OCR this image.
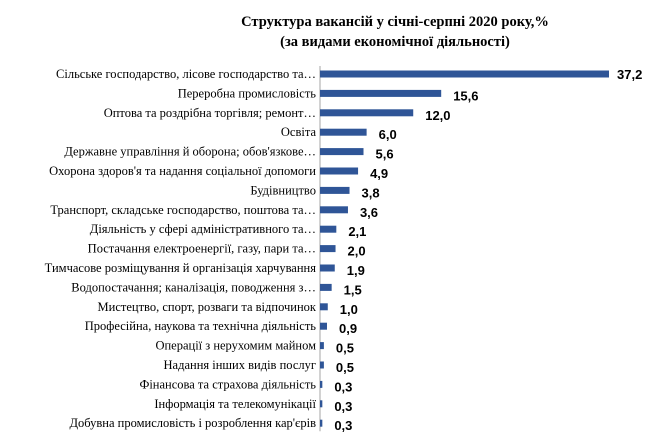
Структура вакансій у січні-серпні 2020 року,%
(за видами економічної діяльності)
Сільське господарство, лісове господарство та…
Переробна промисловість
Оптова та роздрібна торгівля; ремонт…
Освіта
Державне управління й оборона; обов'язкове…
Охорона здоров'я та надання соціальної допомоги
Будівництво
Транспорт, складське господарство, поштова та…
Діяльність у сфері адміністративного та…
Постачання електроенергії, газу, пари та…
Тимчасове розміщування й організація харчування
Водопостачання; каналізація, поводження з…
Мистецтво, спорт, розваги та відпочинок
Професійна, наукова та технічна діяльність
Операції з нерухомим майном
Надання інших видів послуг
Фінансова та страхова діяльність
Інформація та телекомунікації
Добувна промисловість і розроблення кар'єрів
37,2
15,6
12,0
6,0
5,6
4,9
3,8
3,6
2,1
2,0
1,9
1,5
1,0
0,9
0,5
0,5
0,3
0,3
0,3
